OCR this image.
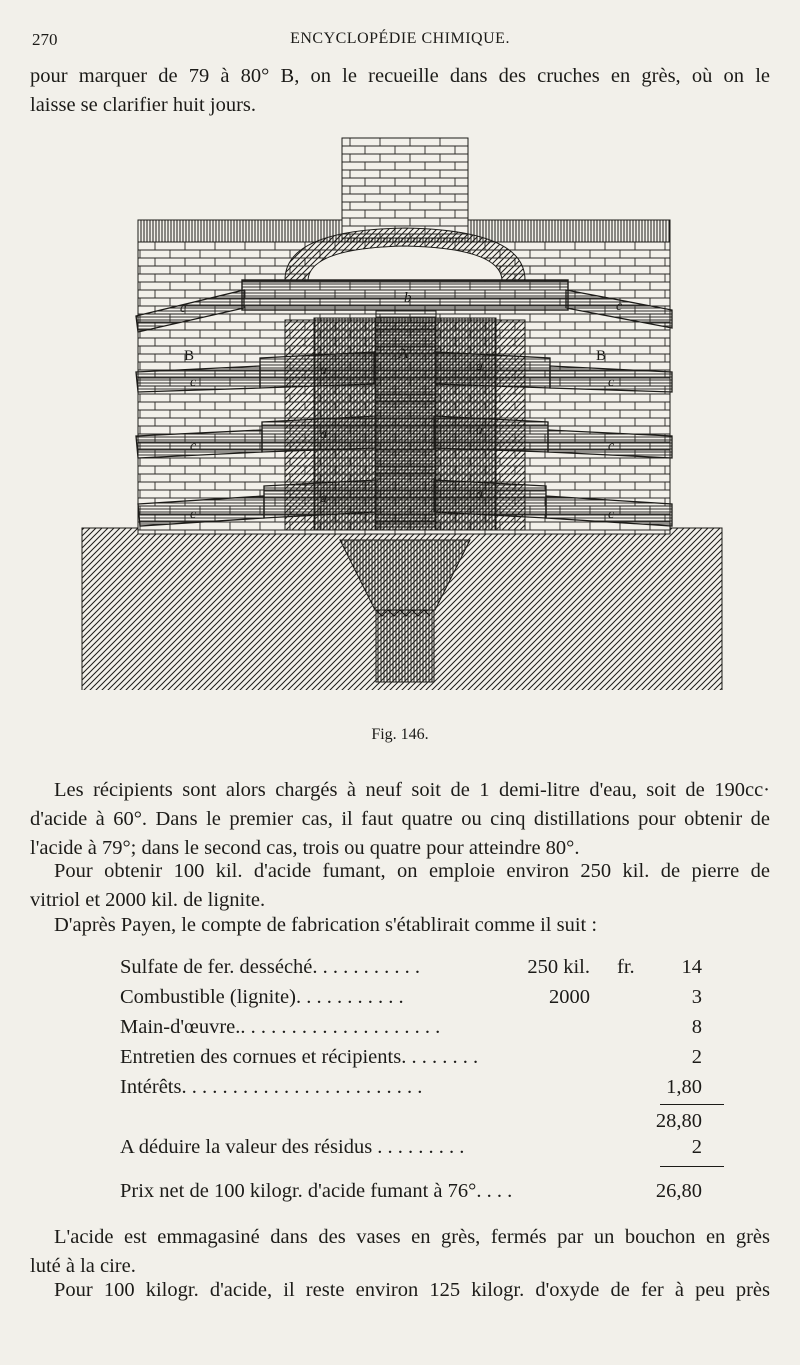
270	ENCYCLOPÉDIE CHIMIQUE.

pour marquer de 79 à 80° B, on le recueille dans des cruches en grès, où on le
laisse se clarifier huit jours.

A
B	B
b
a	a
a	a
a	a
c	c
c	c
c	c
c	c
Fig. 146.

Les récipients sont alors chargés à neuf soit de 1 demi-litre d'eau, soit de 190cc·
d'acide à 60°. Dans le premier cas, il faut quatre ou cinq distillations pour obtenir de
l'acide à 79°; dans le second cas, trois ou quatre pour atteindre 80°.

Pour obtenir 100 kil. d'acide fumant, on emploie environ 250 kil. de pierre de
vitriol et 2000 kil. de lignite.

D'après Payen, le compte de fabrication s'établirait comme il suit :

Sulfate de fer. desséché. . . . . . . . . . .	250 kil. fr. 14
Combustible (lignite). . . . . . . . . . .	2000	3
Main-d'œuvre.. . . . . . . . . . . . . . . . . . . .	8
Entretien des cornues et récipients. . . . . . . .	2
Intérêts. . . . . . . . . . . . . . . . . . . . . . . .	1,80
28,80
A déduire la valeur des résidus . . . . . . . . .	2
Prix net de 100 kilogr. d'acide fumant à 76°. . . .	26,80

L'acide est emmagasiné dans des vases en grès, fermés par un bouchon en grès
luté à la cire.

Pour 100 kilogr. d'acide, il reste environ 125 kilogr. d'oxyde de fer à peu près
